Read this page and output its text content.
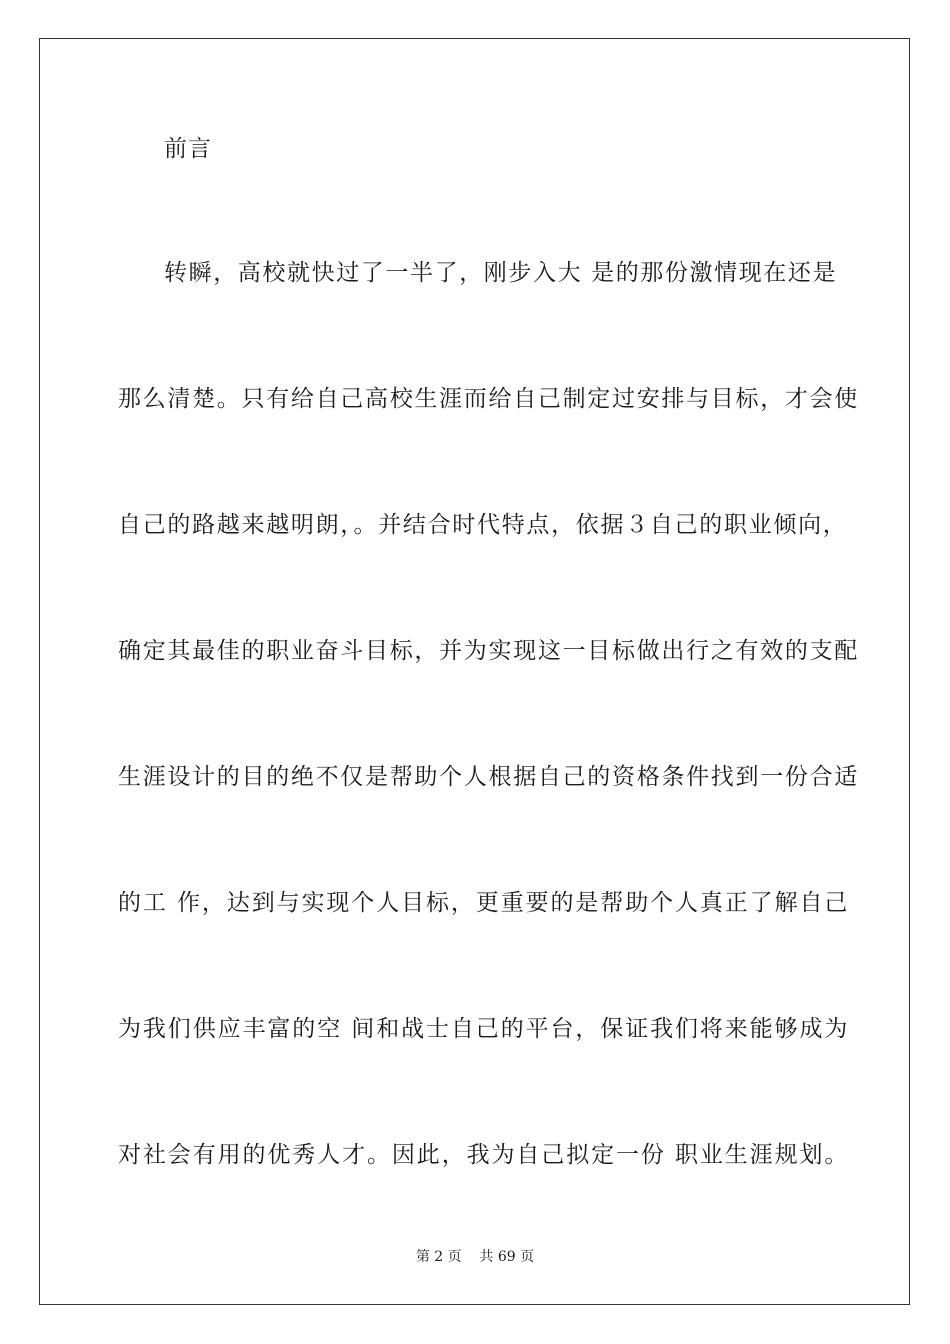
前言
转瞬，高校就快过了一半了，刚步入大 是的那份激情现在还是
那么清楚。只有给自己高校生涯而给自己制定过安排与目标，才会使
自己的路越来越明朗，。并结合时代特点，依据３自己的职业倾向，
确定其最佳的职业奋斗目标，并为实现这一目标做出行之有效的支配
生涯设计的目的绝不仅是帮助个人根据自己的资格条件找到一份合适
的工 作，达到与实现个人目标，更重要的是帮助个人真正了解自己
为我们供应丰富的空 间和战士自己的平台，保证我们将来能够成为
对社会有用的优秀人才。因此，我为自己拟定一份 职业生涯规划。
第 2 页    共 69 页
